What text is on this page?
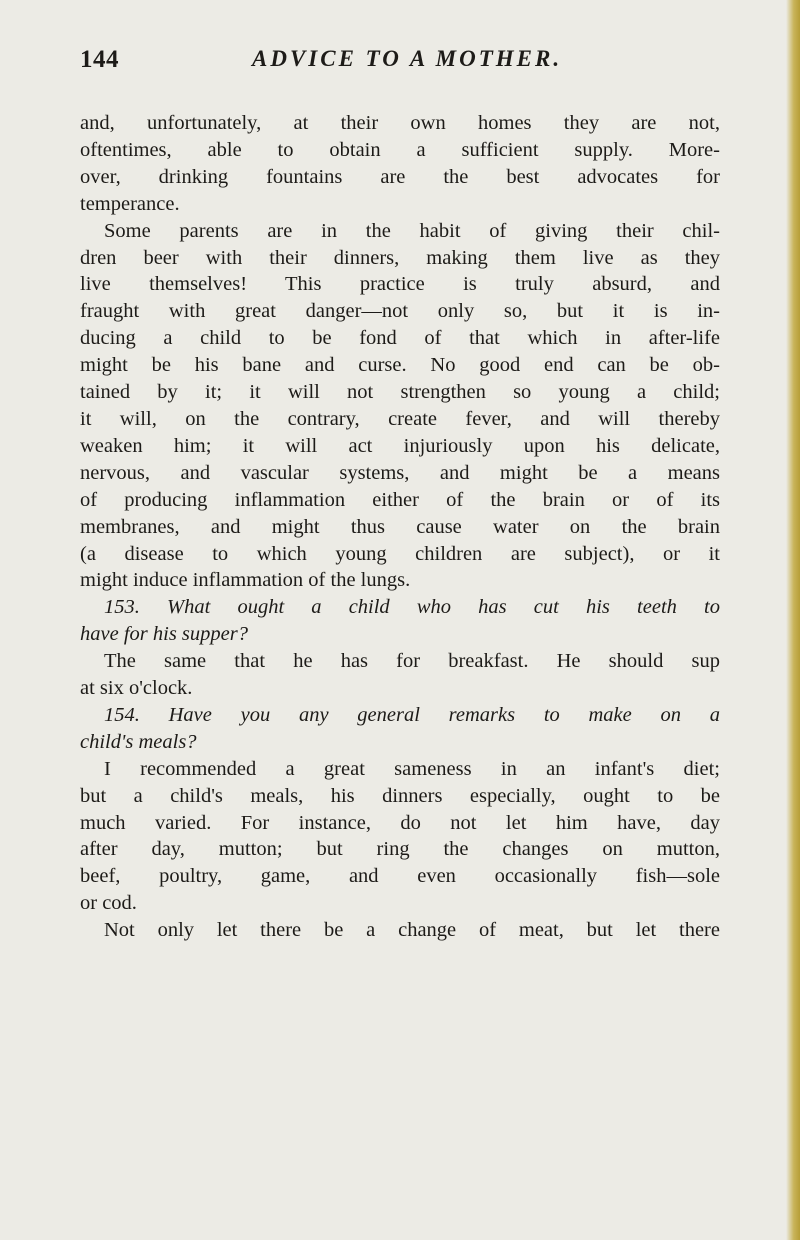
144	ADVICE TO A MOTHER.
and, unfortunately, at their own homes they are not,
oftentimes, able to obtain a sufficient supply. More-
over, drinking fountains are the best advocates for
temperance.
Some parents are in the habit of giving their chil-
dren beer with their dinners, making them live as they
live themselves! This practice is truly absurd, and
fraught with great danger—not only so, but it is in-
ducing a child to be fond of that which in after-life
might be his bane and curse. No good end can be ob-
tained by it; it will not strengthen so young a child;
it will, on the contrary, create fever, and will thereby
weaken him; it will act injuriously upon his delicate,
nervous, and vascular systems, and might be a means
of producing inflammation either of the brain or of its
membranes, and might thus cause water on the brain
(a disease to which young children are subject), or it
might induce inflammation of the lungs.
153. What ought a child who has cut his teeth to
have for his supper?
The same that he has for breakfast. He should sup
at six o'clock.
154. Have you any general remarks to make on a
child's meals?
I recommended a great sameness in an infant's diet;
but a child's meals, his dinners especially, ought to be
much varied. For instance, do not let him have, day
after day, mutton; but ring the changes on mutton,
beef, poultry, game, and even occasionally fish—sole
or cod.
Not only let there be a change of meat, but let there
